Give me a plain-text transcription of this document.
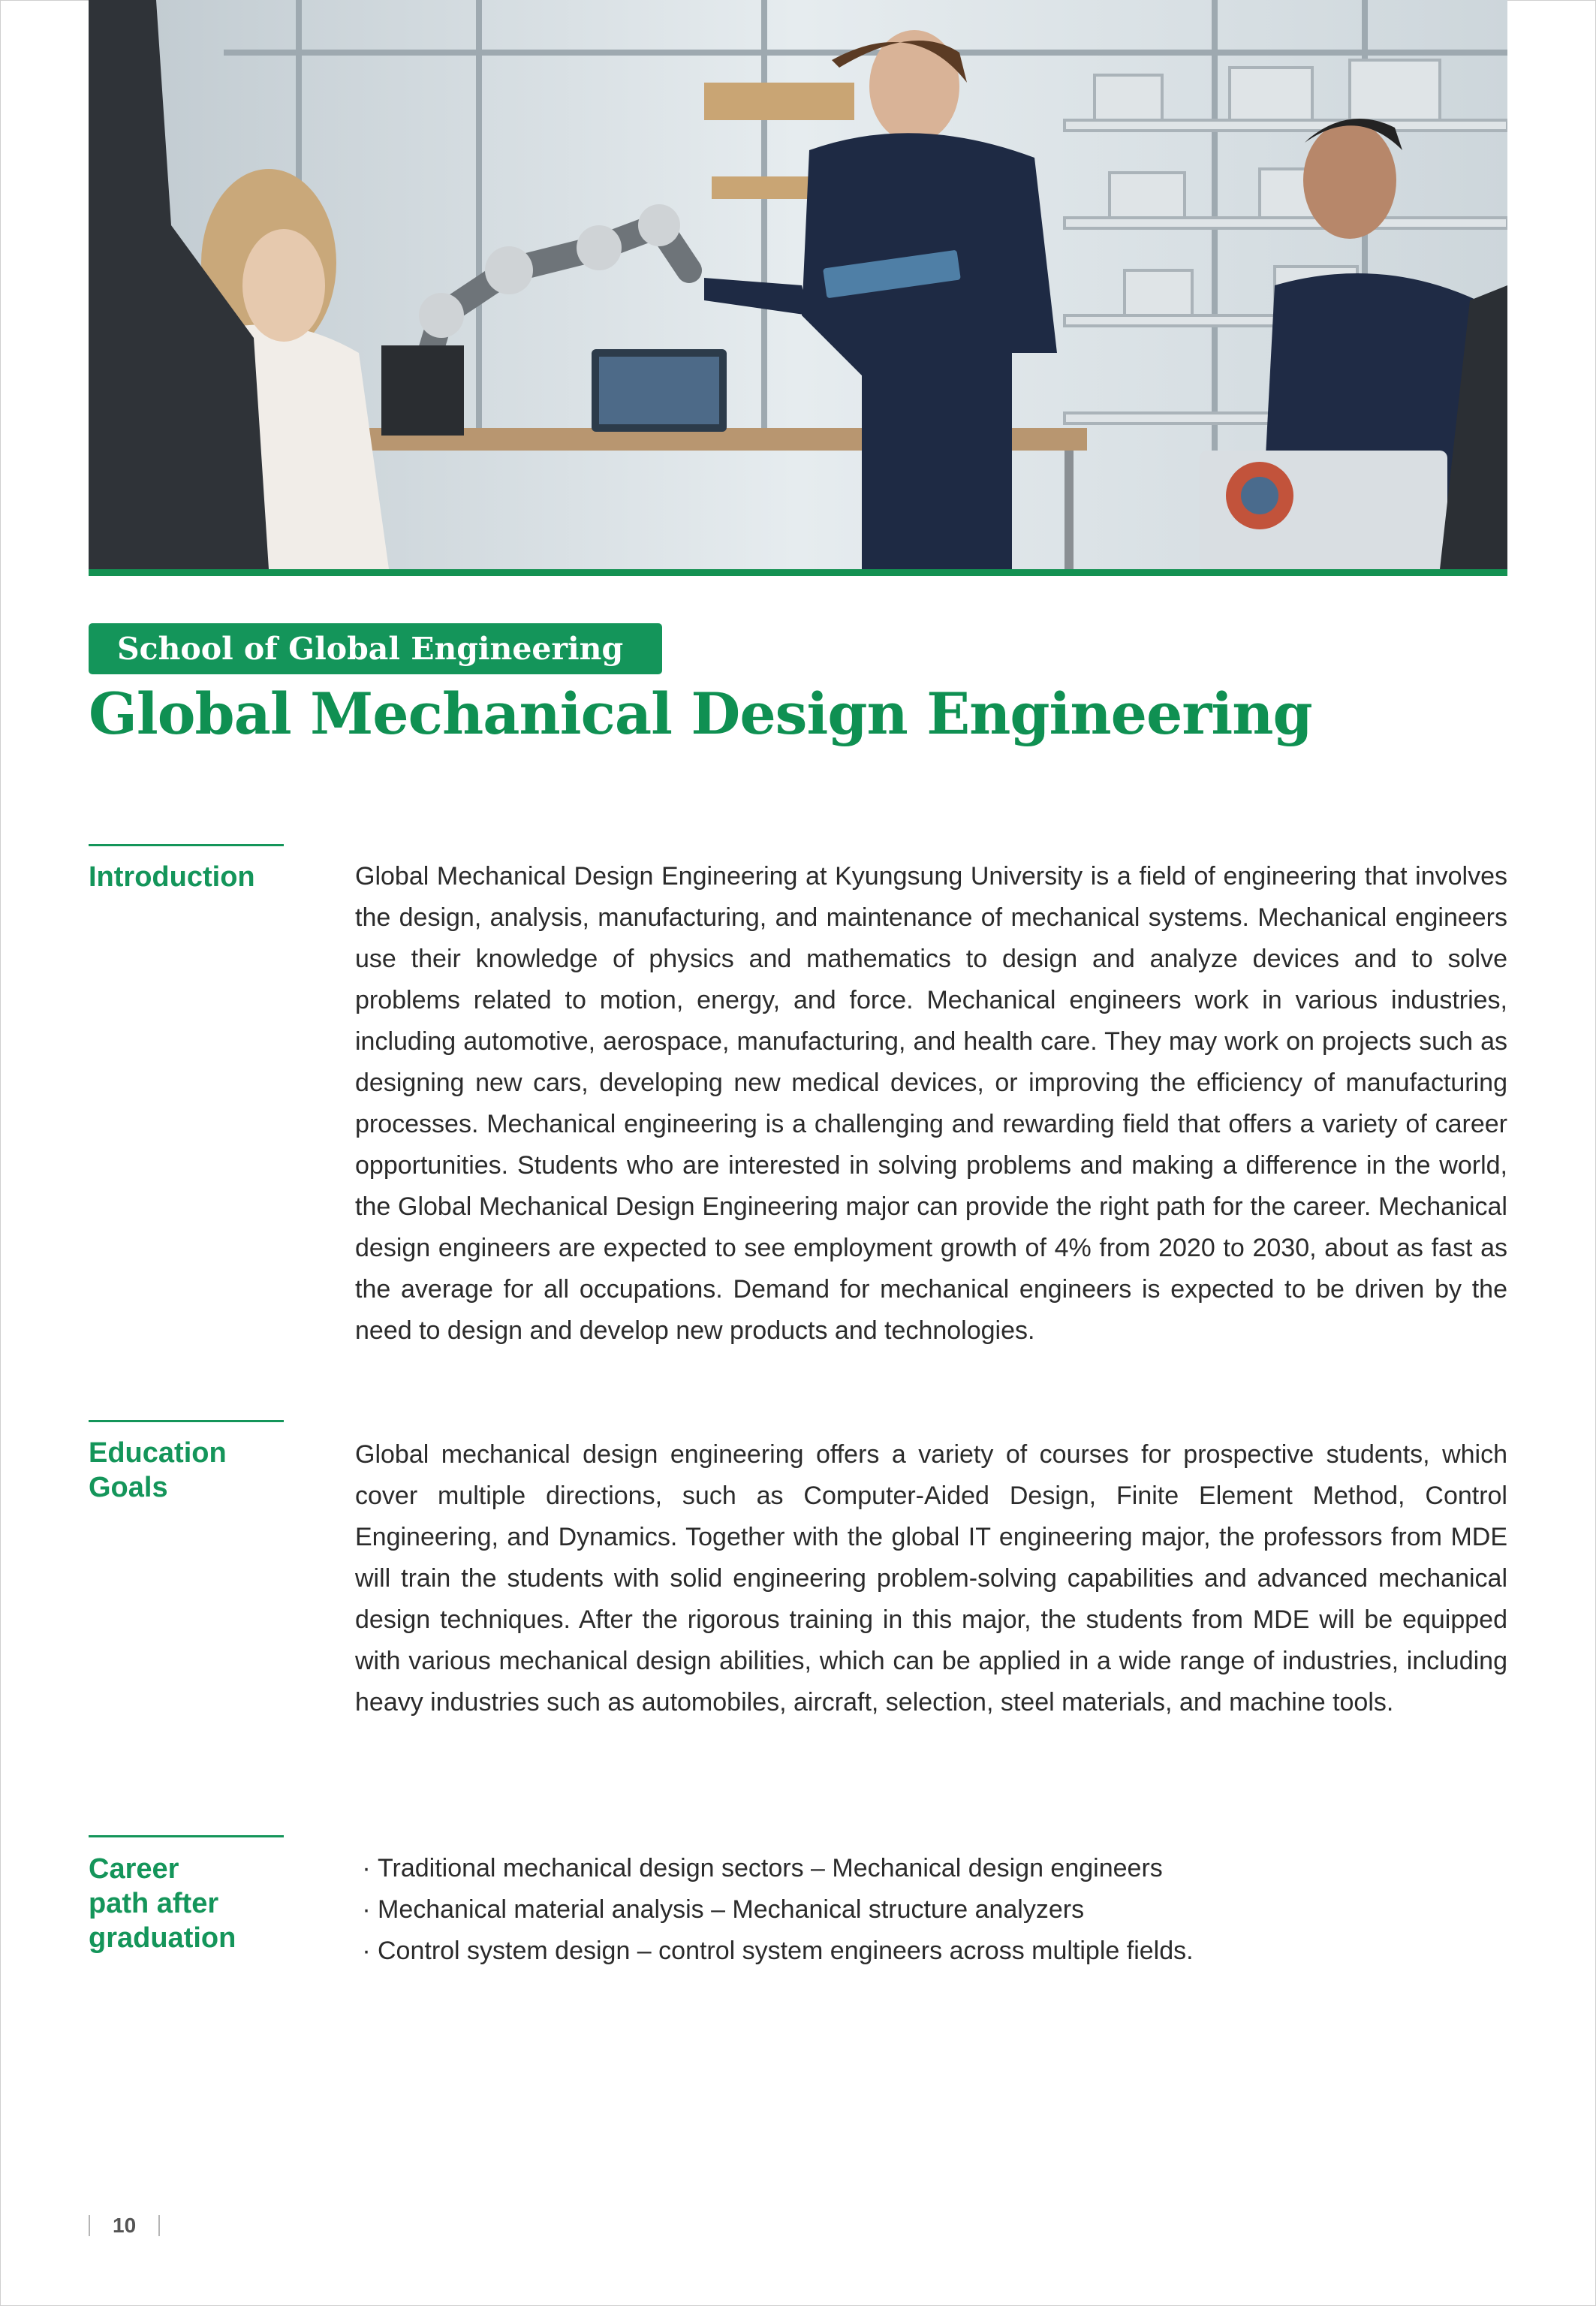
School of Global Engineering
Global Mechanical Design Engineering
Introduction	Global Mechanical Design Engineering at Kyungsung University is a field of engineering that involves the design, analysis, manufacturing, and maintenance of mechanical systems. Mechanical engineers use their knowledge of physics and mathematics to design and analyze devices and to solve problems related to motion, energy, and force. Mechanical engineers work in various industries, including automotive, aerospace, manufacturing, and health care. They may work on projects such as designing new cars, developing new medical devices, or improving the efficiency of manufacturing processes. Mechanical engineering is a challenging and rewarding field that offers a variety of career opportunities. Students who are interested in solving problems and making a difference in the world, the Global Mechanical Design Engineering major can provide the right path for the career. Mechanical design engineers are expected to see employment growth of 4% from 2020 to 2030, about as fast as the average for all occupations. Demand for mechanical engineers is expected to be driven by the need to design and develop new products and technologies.

Education
Goals

Global mechanical design engineering offers a variety of courses for prospective students, which cover multiple directions, such as Computer-Aided Design, Finite Element Method, Control Engineering, and Dynamics. Together with the global IT engineering major, the professors from MDE will train the students with solid engineering problem-solving capabilities and advanced mechanical design techniques. After the rigorous training in this major, the students from MDE will be equipped with various mechanical design abilities, which can be applied in a wide range of industries, including heavy industries such as automobiles, aircraft, selection, steel materials, and machine tools.

Career
path after
graduation
· Traditional mechanical design sectors – Mechanical design engineers
· Mechanical material analysis – Mechanical structure analyzers
· Control system design – control system engineers across multiple fields.
10
